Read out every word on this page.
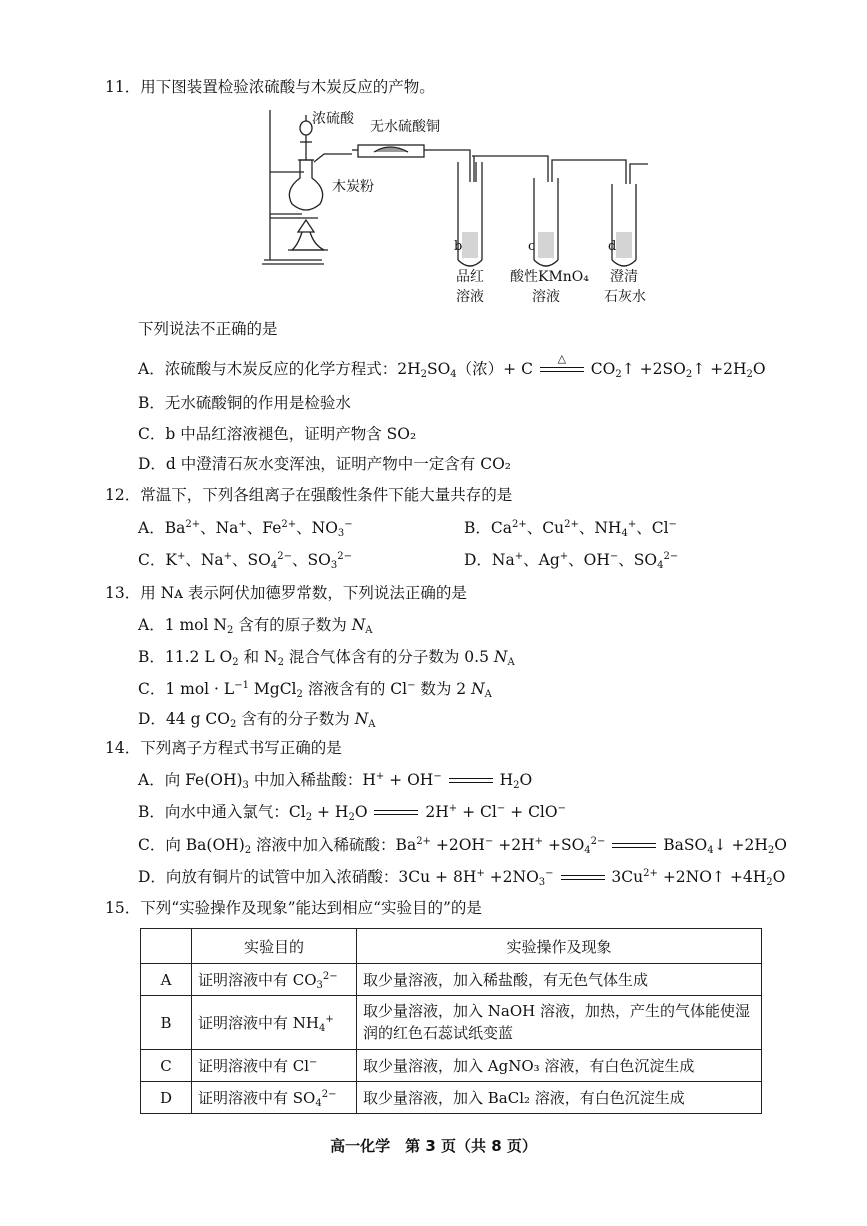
11．用下图装置检验浓硫酸与木炭反应的产物。
浓硫酸 无水硫酸铜
木炭粉
b	c	d
品红
溶液
酸性KMnO₄
溶液
澄清
石灰水
下列说法不正确的是
A．浓硫酸与木炭反应的化学方程式：$2H_2SO_4$（浓）+ C
△
$CO_2↑$ $+2SO_2↑ +2H_2O$
B．无水硫酸铜的作用是检验水
C．b 中品红溶液褪色，证明产物含 SO₂
D．d 中澄清石灰水变浑浊，证明产物中一定含有 CO₂
12．常温下，下列各组离子在强酸性条件下能大量共存的是
A．$Ba^{2+}$、Na+、$Fe^{2+}$、$NO_3^-$	B．$Ca^{2+}$、$Cu^{2+}$、$NH_4^+$、Cl−
C．K+、Na+、$SO_4^{2-}$、$SO_3^{2-}$	D．Na+、Ag+、OH−、$SO_4^{2-}$
13．用 Nᴀ 表示阿伏加德罗常数，下列说法正确的是
A．1 mol $N_2$ 含有的原子数为 $N_A$
B．11.2 L $O_2$ 和 $N_2$ 混合气体含有的分子数为 0.5 $N_A$
C．1 mol · $L^{-1}$ MgCl$_2$ 溶液含有的 Cl− 数为 2 $N_A$
D．44 g $CO_2$ 含有的分子数为 $N_A$
14．下列离子方程式书写正确的是
A．向 $Fe(OH)_3$ 中加入稀盐酸：H+ + OH−	$H_2O$
B．向水中通入氯气：$Cl_2 + H_2O$	2H+ + Cl− + ClO−
C．向 $Ba(OH)_2$ 溶液中加入稀硫酸：$Ba^{2+} +2OH^- +2H^+ +SO_4^{2-}$	BaSO$_4$↓ $+2H_2O$
D．向放有铜片的试管中加入浓硝酸：$3Cu + 8H^+ +2NO_3^-$	$3Cu^{2+}$ +2NO↑ $+4H_2O$
15．下列“实验操作及现象”能达到相应“实验目的”的是
	实验目的	实验操作及现象
A	证明溶液中有 $CO_3^{2-}$	取少量溶液，加入稀盐酸，有无色气体生成
B	证明溶液中有 $NH_4^+$	取少量溶液，加入 NaOH 溶液，加热，产生的气体能使湿润的红色石蕊试纸变蓝
C	证明溶液中有 Cl−	取少量溶液，加入 AgNO₃ 溶液，有白色沉淀生成
D	证明溶液中有 $SO_4^{2-}$	取少量溶液，加入 BaCl₂ 溶液，有白色沉淀生成
高一化学　第 3 页（共 8 页）
